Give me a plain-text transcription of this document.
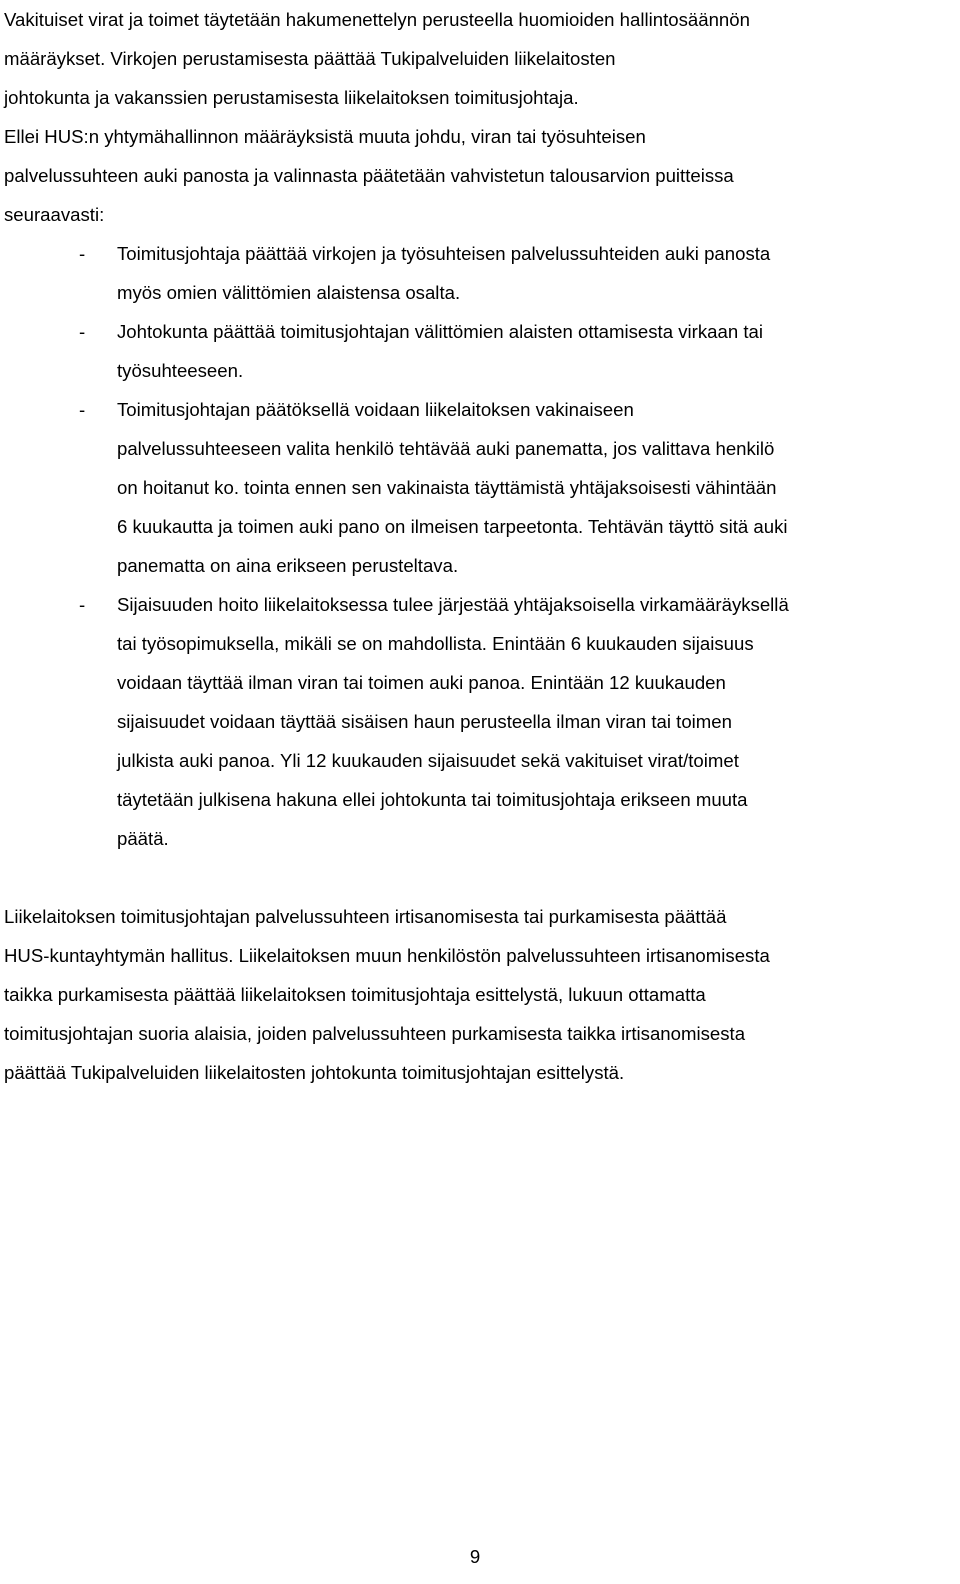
Vakituiset virat ja toimet täytetään hakumenettelyn perusteella huomioiden hallintosäännön
määräykset. Virkojen perustamisesta päättää Tukipalveluiden liikelaitosten
johtokunta ja vakanssien perustamisesta liikelaitoksen toimitusjohtaja.
Ellei HUS:n yhtymähallinnon määräyksistä muuta johdu, viran tai työsuhteisen
palvelussuhteen auki panosta ja valinnasta päätetään vahvistetun talousarvion puitteissa
seuraavasti:
- Toimitusjohtaja päättää virkojen ja työsuhteisen palvelussuhteiden auki panosta
myös omien välittömien alaistensa osalta.
- Johtokunta päättää toimitusjohtajan välittömien alaisten ottamisesta virkaan tai
työsuhteeseen.
- Toimitusjohtajan päätöksellä voidaan liikelaitoksen vakinaiseen
palvelussuhteeseen valita henkilö tehtävää auki panematta, jos valittava henkilö
on hoitanut ko. tointa ennen sen vakinaista täyttämistä yhtäjaksoisesti vähintään
6 kuukautta ja toimen auki pano on ilmeisen tarpeetonta. Tehtävän täyttö sitä auki
panematta on aina erikseen perusteltava.
- Sijaisuuden hoito liikelaitoksessa tulee järjestää yhtäjaksoisella virkamääräyksellä
tai työsopimuksella, mikäli se on mahdollista. Enintään 6 kuukauden sijaisuus
voidaan täyttää ilman viran tai toimen auki panoa. Enintään 12 kuukauden
sijaisuudet voidaan täyttää sisäisen haun perusteella ilman viran tai toimen
julkista auki panoa. Yli 12 kuukauden sijaisuudet sekä vakituiset virat/toimet
täytetään julkisena hakuna ellei johtokunta tai toimitusjohtaja erikseen muuta
päätä.
Liikelaitoksen toimitusjohtajan palvelussuhteen irtisanomisesta tai purkamisesta päättää
HUS-kuntayhtymän hallitus. Liikelaitoksen muun henkilöstön palvelussuhteen irtisanomisesta
taikka purkamisesta päättää liikelaitoksen toimitusjohtaja esittelystä, lukuun ottamatta
toimitusjohtajan suoria alaisia, joiden palvelussuhteen purkamisesta taikka irtisanomisesta
päättää Tukipalveluiden liikelaitosten johtokunta toimitusjohtajan esittelystä.
9
